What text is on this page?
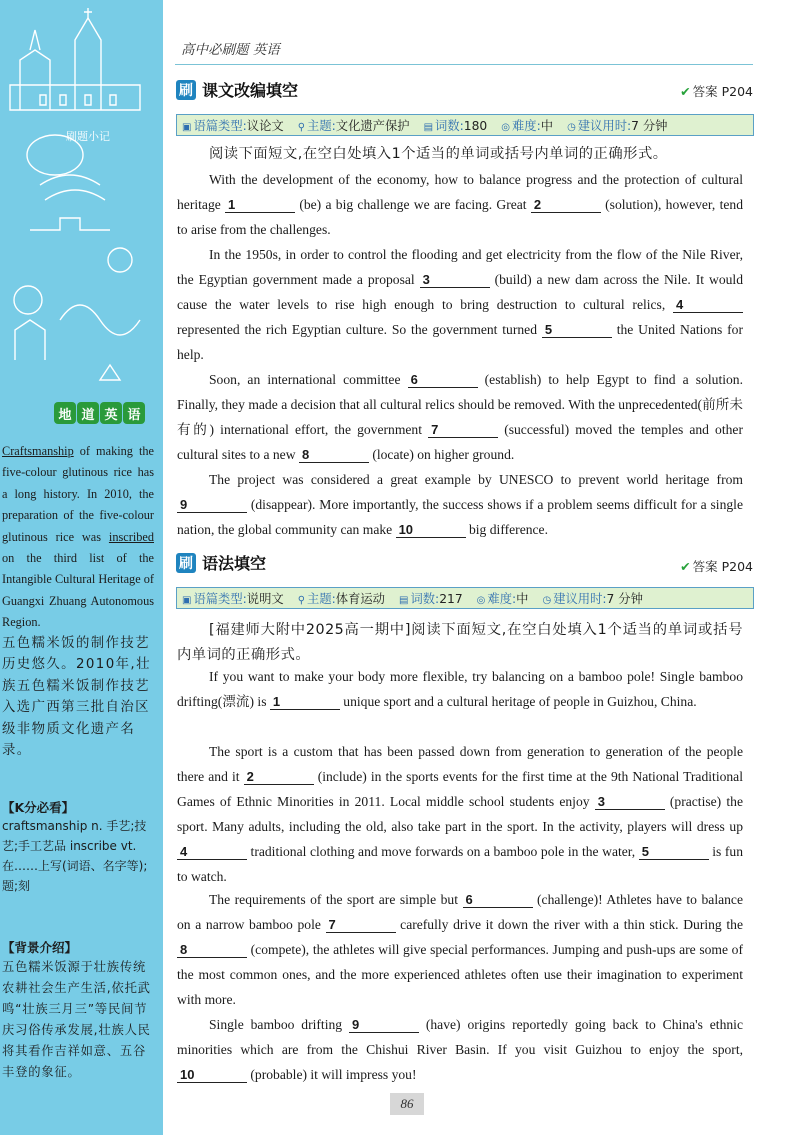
刷题小记
地 道 英 语
Craftsmanship of making the five-colour glutinous rice has a long history. In 2010, the preparation of the five-colour glutinous rice was inscribed on the third list of the Intangible Cultural Heritage of Guangxi Zhuang Autonomous Region.
五色糯米饭的制作技艺历史悠久。2010年,壮族五色糯米饭制作技艺入选广西第三批自治区级非物质文化遗产名录。
【K分必看】
craftsmanship n. 手艺;技艺;手工艺品 inscribe vt. 在……上写(词语、名字等);题;刻
【背景介绍】
五色糯米饭源于壮族传统农耕社会生产生活,依托武鸣“壮族三月三”等民间节庆习俗传承发展,壮族人民将其看作吉祥如意、五谷丰登的象征。
高中必刷题 英语
刷 课文改编填空	✔ 答案 P204
▣ 语篇类型:议论文 ⚲ 主题:文化遗产保护 ▤ 词数:180 ◎ 难度:中 ◷ 建议用时:7 分钟
阅读下面短文,在空白处填入1个适当的单词或括号内单词的正确形式。
With the development of the economy, how to balance progress and the protection of cultural heritage 1	(be) a big challenge we are facing. Great 2	(solution), however, tend to arise from the challenges.
In the 1950s, in order to control the flooding and get electricity from the flow of the Nile River, the Egyptian government made a proposal 3	(build) a new dam across the Nile. It would cause the water levels to rise high enough to bring destruction to cultural relics, 4 represented the rich Egyptian culture. So the government turned 5	the United Nations for help.
Soon, an international committee 6	(establish) to help Egypt to find a solution. Finally, they made a decision that all cultural relics should be removed. With the unprecedented(前所未有的) international effort, the government 7	(successful) moved the temples and other cultural sites to a new 8	(locate) on higher ground.
The project was considered a great example by UNESCO to prevent world heritage from 9	(disappear). More importantly, the success shows if a problem seems difficult for a single nation, the global community can make 10	big difference.
刷 语法填空	✔ 答案 P204
▣ 语篇类型:说明文 ⚲ 主题:体育运动 ▤ 词数:217 ◎ 难度:中 ◷ 建议用时:7 分钟
[福建师大附中2025高一期中]阅读下面短文,在空白处填入1个适当的单词或括号内单词的正确形式。
If you want to make your body more flexible, try balancing on a bamboo pole! Single bamboo drifting(漂流) is 1	unique sport and a cultural heritage of people in Guizhou, China.
The sport is a custom that has been passed down from generation to generation of the people there and it 2	(include) in the sports events for the first time at the 9th National Traditional Games of Ethnic Minorities in 2011. Local middle school students enjoy 3	(practise) the sport. Many adults, including the old, also take part in the sport. In the activity, players will dress up 4	traditional clothing and move forwards on a bamboo pole in the water, 5	is fun to watch.
The requirements of the sport are simple but 6	(challenge)! Athletes have to balance on a narrow bamboo pole 7	carefully drive it down the river with a thin stick. During the 8	(compete), the athletes will give special performances. Jumping and push-ups are some of the most common ones, and the more experienced athletes often use their imagination to experiment with more.
Single bamboo drifting 9	(have) origins reportedly going back to China's ethnic minorities which are from the Chishui River Basin. If you visit Guizhou to enjoy the sport, 10	(probable) it will impress you!
86
